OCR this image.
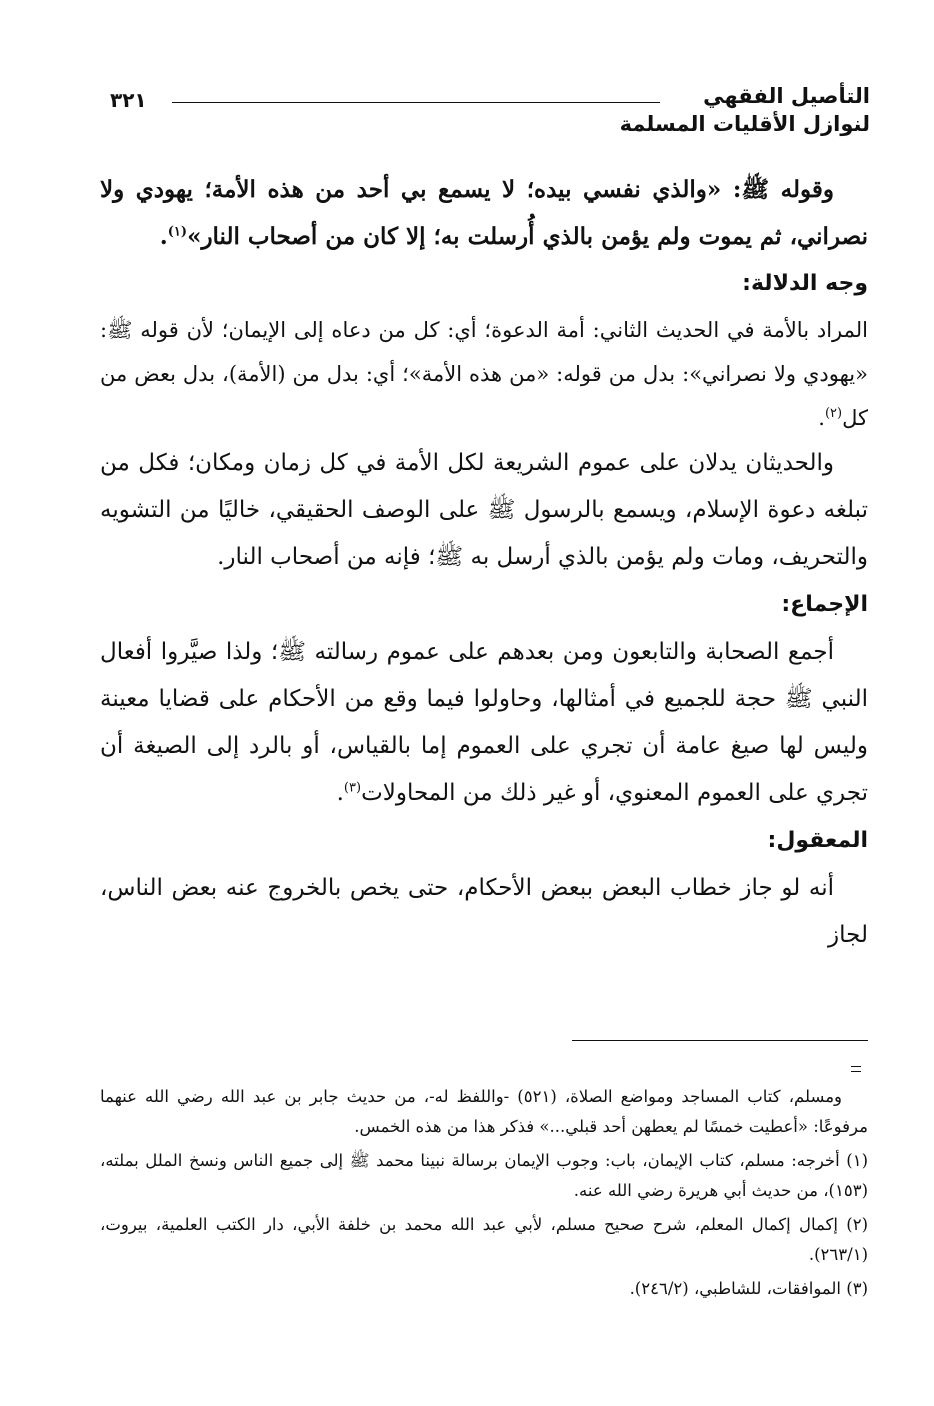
التأصيل الفقهي
لنوازل الأقليات المسلمة
٣٢١

وقوله ﷺ: «والذي نفسي بيده؛ لا يسمع بي أحد من هذه الأمة؛ يهودي ولا نصراني، ثم يموت ولم يؤمن بالذي أُرسلت به؛ إلا كان من أصحاب النار»$^{(١)}$.

وجه الدلالة:

المراد بالأمة في الحديث الثاني: أمة الدعوة؛ أي: كل من دعاه إلى الإيمان؛ لأن قوله ﷺ: «يهودي ولا نصراني»: بدل من قوله: «من هذه الأمة»؛ أي: بدل من (الأمة)، بدل بعض من كل$^{(٢)}$.

والحديثان يدلان على عموم الشريعة لكل الأمة في كل زمان ومكان؛ فكل من تبلغه دعوة الإسلام، ويسمع بالرسول ﷺ على الوصف الحقيقي، خاليًا من التشويه والتحريف، ومات ولم يؤمن بالذي أرسل به ﷺ؛ فإنه من أصحاب النار.

الإجماع:

أجمع الصحابة والتابعون ومن بعدهم على عموم رسالته ﷺ؛ ولذا صيَّروا أفعال النبي ﷺ حجة للجميع في أمثالها، وحاولوا فيما وقع من الأحكام على قضايا معينة وليس لها صيغ عامة أن تجري على العموم إما بالقياس، أو بالرد إلى الصيغة أن تجري على العموم المعنوي، أو غير ذلك من المحاولات$^{(٣)}$.

المعقول:

أنه لو جاز خطاب البعض ببعض الأحكام، حتى يخص بالخروج عنه بعض الناس، لجاز

ومسلم، كتاب المساجد ومواضع الصلاة، (٥٢١) -واللفظ له-، من حديث جابر بن عبد الله رضي الله عنهما مرفوعًا: «أعطيت خمسًا لم يعطهن أحد قبلي...» فذكر هذا من هذه الخمس.

(١) أخرجه: مسلم، كتاب الإيمان، باب: وجوب الإيمان برسالة نبينا محمد ﷺ إلى جميع الناس ونسخ الملل بملته، (١٥٣)، من حديث أبي هريرة رضي الله عنه.

(٢) إكمال إكمال المعلم، شرح صحيح مسلم، لأبي عبد الله محمد بن خلفة الأبي، دار الكتب العلمية، بيروت، (٢٦٣/١).

(٣) الموافقات، للشاطبي، (٢٤٦/٢).
